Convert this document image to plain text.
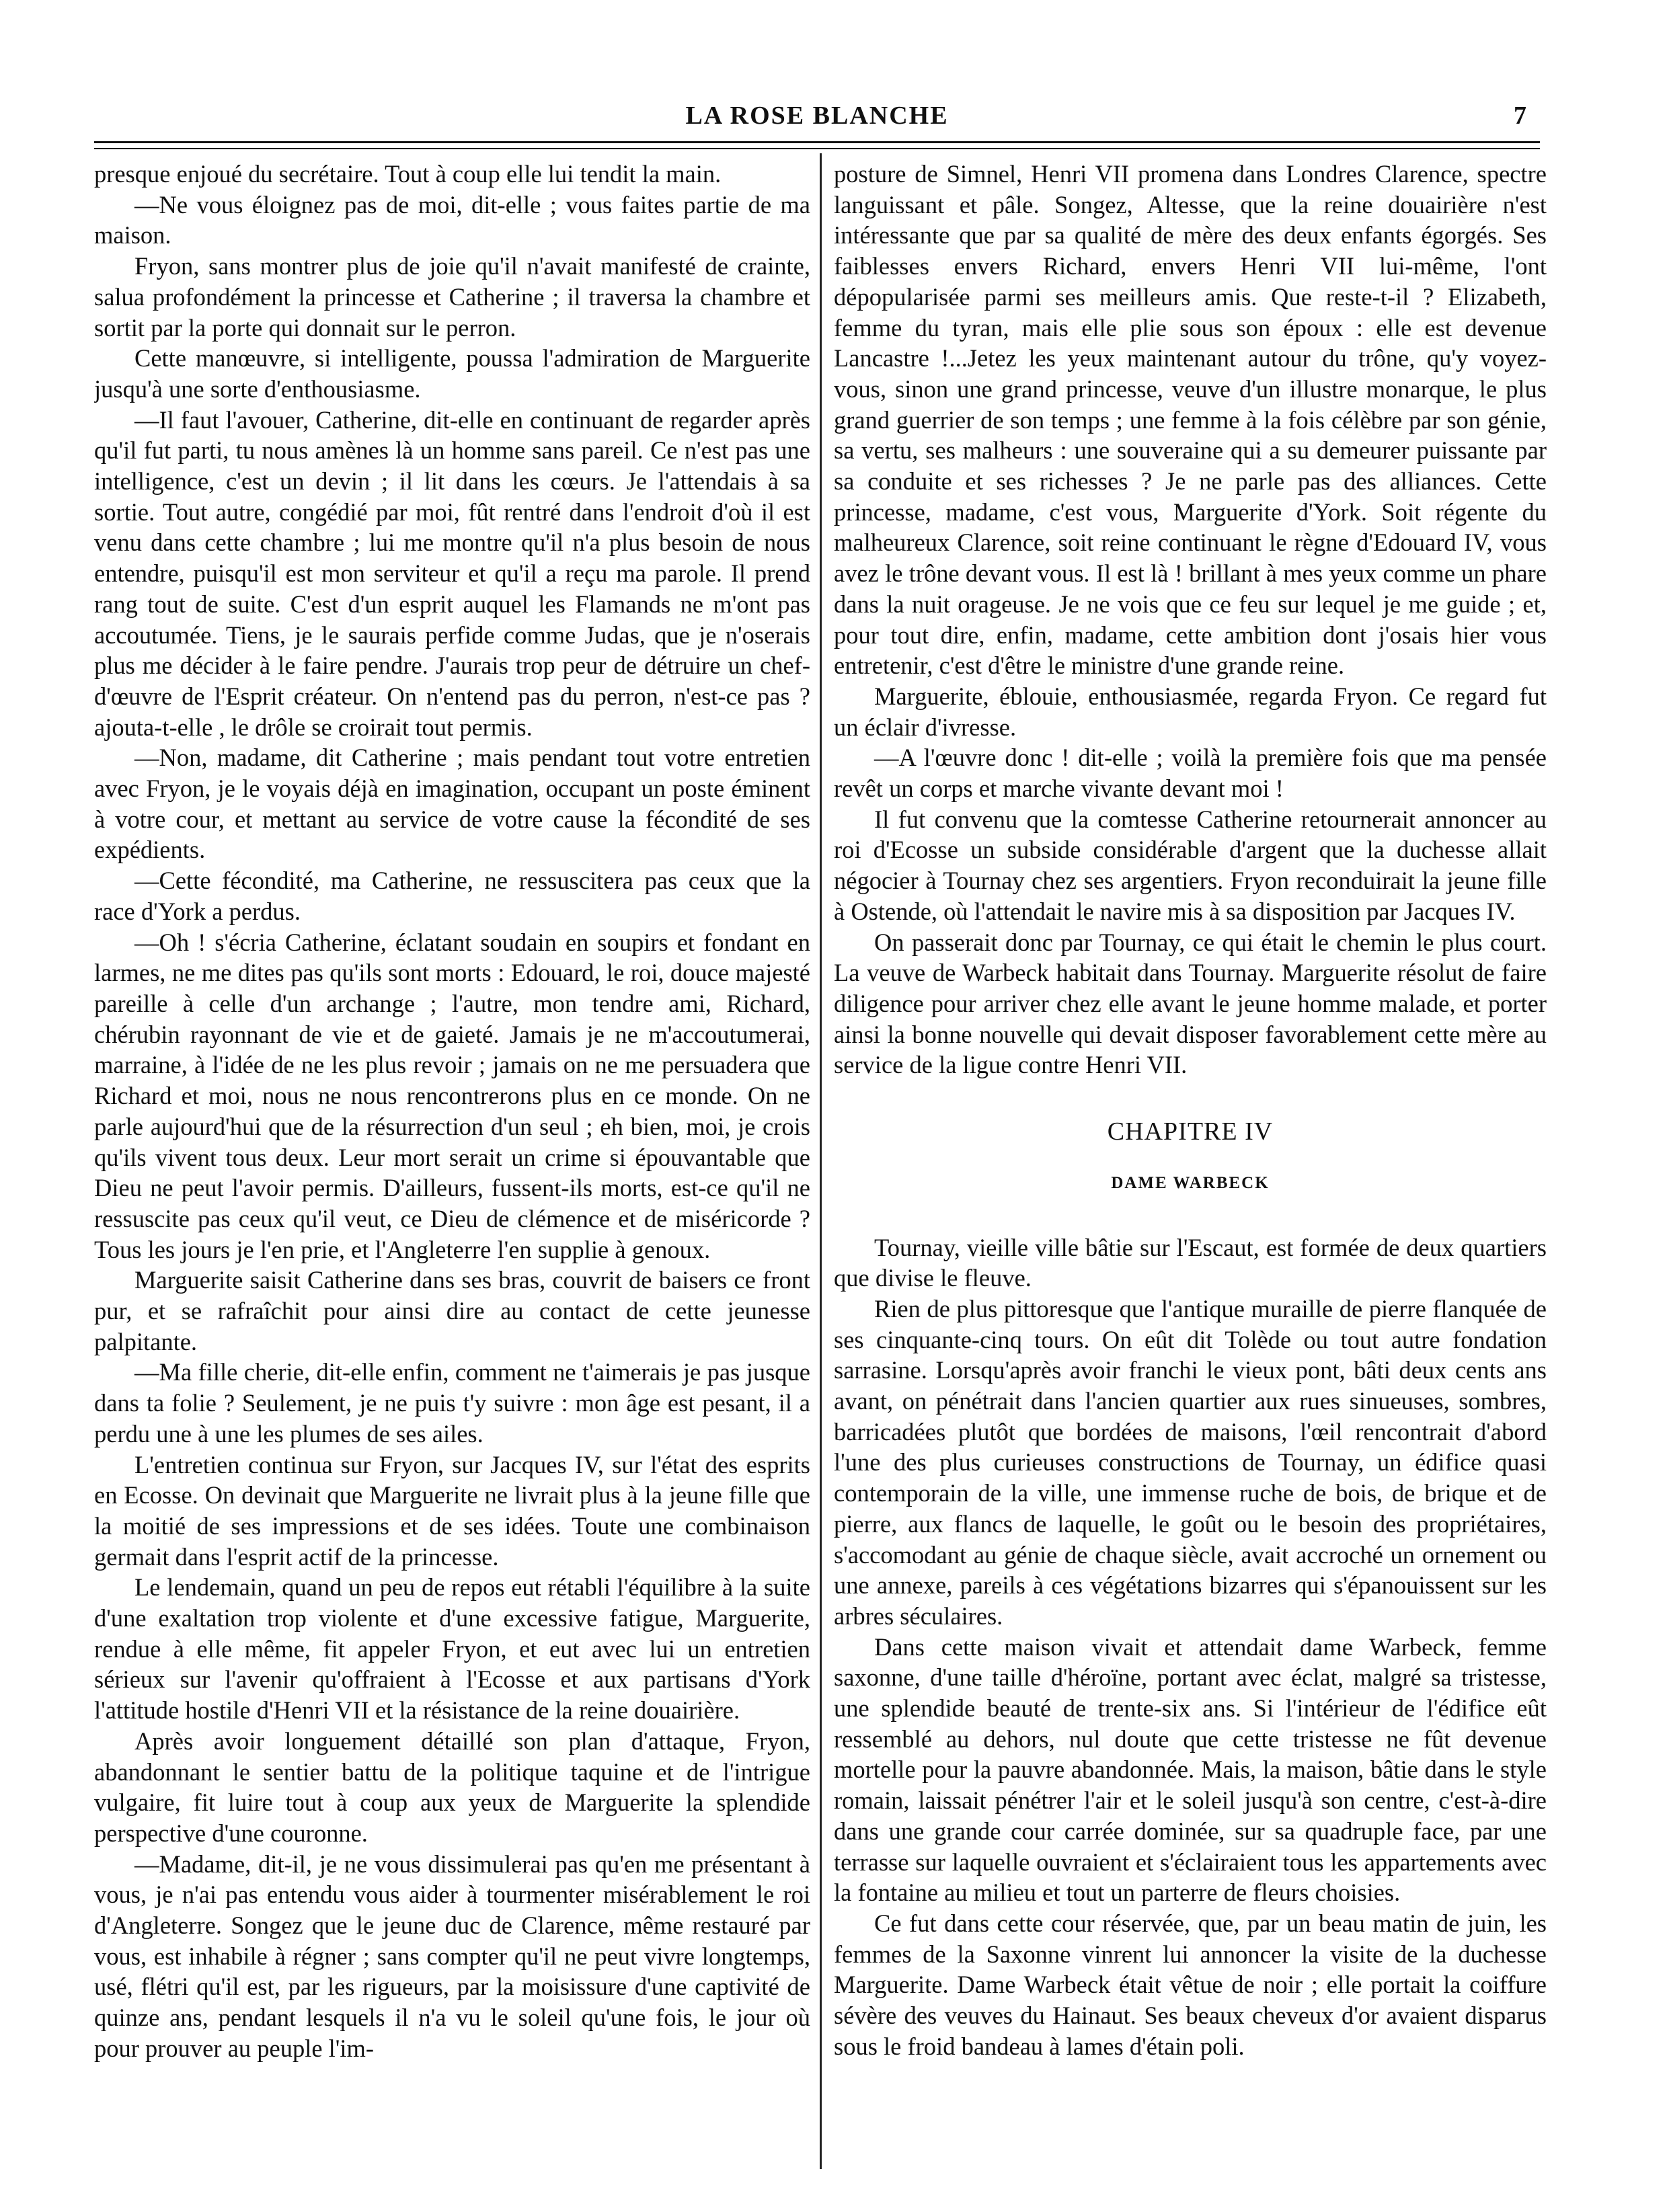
LA ROSE BLANCHE	7

presque enjoué du secrétaire. Tout à coup elle lui tendit la main.

—Ne vous éloignez pas de moi, dit-elle ; vous faites partie de ma maison.

Fryon, sans montrer plus de joie qu'il n'avait manifesté de crainte, salua profondément la princesse et Catherine ; il traversa la chambre et sortit par la porte qui donnait sur le perron.

Cette manœuvre, si intelligente, poussa l'admiration de Marguerite jusqu'à une sorte d'enthousiasme.

—Il faut l'avouer, Catherine, dit-elle en continuant de regarder après qu'il fut parti, tu nous amènes là un homme sans pareil. Ce n'est pas une intelligence, c'est un devin ; il lit dans les cœurs. Je l'attendais à sa sortie. Tout autre, congédié par moi, fût rentré dans l'endroit d'où il est venu dans cette chambre ; lui me montre qu'il n'a plus besoin de nous entendre, puisqu'il est mon serviteur et qu'il a reçu ma parole. Il prend rang tout de suite. C'est d'un esprit auquel les Flamands ne m'ont pas accoutumée. Tiens, je le saurais perfide comme Judas, que je n'oserais plus me décider à le faire pendre. J'aurais trop peur de détruire un chef-d'œuvre de l'Esprit créateur. On n'entend pas du perron, n'est-ce pas ? ajouta-t-elle , le drôle se croirait tout permis.

—Non, madame, dit Catherine ; mais pendant tout votre entretien avec Fryon, je le voyais déjà en imagination, occupant un poste éminent à votre cour, et mettant au service de votre cause la fécondité de ses expédients.

—Cette fécondité, ma Catherine, ne ressuscitera pas ceux que la race d'York a perdus.

—Oh ! s'écria Catherine, éclatant soudain en soupirs et fondant en larmes, ne me dites pas qu'ils sont morts : Edouard, le roi, douce majesté pareille à celle d'un archange ; l'autre, mon tendre ami, Richard, chérubin rayonnant de vie et de gaieté. Jamais je ne m'accoutumerai, marraine, à l'idée de ne les plus revoir ; jamais on ne me persuadera que Richard et moi, nous ne nous rencontrerons plus en ce monde. On ne parle aujourd'hui que de la résurrection d'un seul ; eh bien, moi, je crois qu'ils vivent tous deux. Leur mort serait un crime si épouvantable que Dieu ne peut l'avoir permis. D'ailleurs, fussent-ils morts, est-ce qu'il ne ressuscite pas ceux qu'il veut, ce Dieu de clémence et de miséricorde ? Tous les jours je l'en prie, et l'Angleterre l'en supplie à genoux.

Marguerite saisit Catherine dans ses bras, couvrit de baisers ce front pur, et se rafraîchit pour ainsi dire au contact de cette jeunesse palpitante.

—Ma fille cherie, dit-elle enfin, comment ne t'aimerais je pas jusque dans ta folie ? Seulement, je ne puis t'y suivre : mon âge est pesant, il a perdu une à une les plumes de ses ailes.

L'entretien continua sur Fryon, sur Jacques IV, sur l'état des esprits en Ecosse. On devinait que Marguerite ne livrait plus à la jeune fille que la moitié de ses impressions et de ses idées. Toute une combinaison germait dans l'esprit actif de la princesse.

Le lendemain, quand un peu de repos eut rétabli l'équilibre à la suite d'une exaltation trop violente et d'une excessive fatigue, Marguerite, rendue à elle même, fit appeler Fryon, et eut avec lui un entretien sérieux sur l'avenir qu'offraient à l'Ecosse et aux partisans d'York l'attitude hostile d'Henri VII et la résistance de la reine douairière.

Après avoir longuement détaillé son plan d'attaque, Fryon, abandonnant le sentier battu de la politique taquine et de l'intrigue vulgaire, fit luire tout à coup aux yeux de Marguerite la splendide perspective d'une couronne.

—Madame, dit-il, je ne vous dissimulerai pas qu'en me présentant à vous, je n'ai pas entendu vous aider à tourmenter misérablement le roi d'Angleterre. Songez que le jeune duc de Clarence, même restauré par vous, est inhabile à régner ; sans compter qu'il ne peut vivre longtemps, usé, flétri qu'il est, par les rigueurs, par la moisissure d'une captivité de quinze ans, pendant lesquels il n'a vu le soleil qu'une fois, le jour où pour prouver au peuple l'im-

posture de Simnel, Henri VII promena dans Londres Clarence, spectre languissant et pâle. Songez, Altesse, que la reine douairière n'est intéressante que par sa qualité de mère des deux enfants égorgés. Ses faiblesses envers Richard, envers Henri VII lui-même, l'ont dépopularisée parmi ses meilleurs amis. Que reste-t-il ? Elizabeth, femme du tyran, mais elle plie sous son époux : elle est devenue Lancastre !...Jetez les yeux maintenant autour du trône, qu'y voyez-vous, sinon une grand princesse, veuve d'un illustre monarque, le plus grand guerrier de son temps ; une femme à la fois célèbre par son génie, sa vertu, ses malheurs : une souveraine qui a su demeurer puissante par sa conduite et ses richesses ? Je ne parle pas des alliances. Cette princesse, madame, c'est vous, Marguerite d'York. Soit régente du malheureux Clarence, soit reine continuant le règne d'Edouard IV, vous avez le trône devant vous. Il est là ! brillant à mes yeux comme un phare dans la nuit orageuse. Je ne vois que ce feu sur lequel je me guide ; et, pour tout dire, enfin, madame, cette ambition dont j'osais hier vous entretenir, c'est d'être le ministre d'une grande reine.

Marguerite, éblouie, enthousiasmée, regarda Fryon. Ce regard fut un éclair d'ivresse.

—A l'œuvre donc ! dit-elle ; voilà la première fois que ma pensée revêt un corps et marche vivante devant moi !

Il fut convenu que la comtesse Catherine retournerait annoncer au roi d'Ecosse un subside considérable d'argent que la duchesse allait négocier à Tournay chez ses argentiers. Fryon reconduirait la jeune fille à Ostende, où l'attendait le navire mis à sa disposition par Jacques IV.

On passerait donc par Tournay, ce qui était le chemin le plus court. La veuve de Warbeck habitait dans Tournay. Marguerite résolut de faire diligence pour arriver chez elle avant le jeune homme malade, et porter ainsi la bonne nouvelle qui devait disposer favorablement cette mère au service de la ligue contre Henri VII.

CHAPITRE IV
DAME WARBECK

Tournay, vieille ville bâtie sur l'Escaut, est formée de deux quartiers que divise le fleuve.

Rien de plus pittoresque que l'antique muraille de pierre flanquée de ses cinquante-cinq tours. On eût dit Tolède ou tout autre fondation sarrasine. Lorsqu'après avoir franchi le vieux pont, bâti deux cents ans avant, on pénétrait dans l'ancien quartier aux rues sinueuses, sombres, barricadées plutôt que bordées de maisons, l'œil rencontrait d'abord l'une des plus curieuses constructions de Tournay, un édifice quasi contemporain de la ville, une immense ruche de bois, de brique et de pierre, aux flancs de laquelle, le goût ou le besoin des propriétaires, s'accomodant au génie de chaque siècle, avait accroché un ornement ou une annexe, pareils à ces végétations bizarres qui s'épanouissent sur les arbres séculaires.

Dans cette maison vivait et attendait dame Warbeck, femme saxonne, d'une taille d'héroïne, portant avec éclat, malgré sa tristesse, une splendide beauté de trente-six ans. Si l'intérieur de l'édifice eût ressemblé au dehors, nul doute que cette tristesse ne fût devenue mortelle pour la pauvre abandonnée. Mais, la maison, bâtie dans le style romain, laissait pénétrer l'air et le soleil jusqu'à son centre, c'est-à-dire dans une grande cour carrée dominée, sur sa quadruple face, par une terrasse sur laquelle ouvraient et s'éclairaient tous les appartements avec la fontaine au milieu et tout un parterre de fleurs choisies.

Ce fut dans cette cour réservée, que, par un beau matin de juin, les femmes de la Saxonne vinrent lui annoncer la visite de la duchesse Marguerite. Dame Warbeck était vêtue de noir ; elle portait la coiffure sévère des veuves du Hainaut. Ses beaux cheveux d'or avaient disparus sous le froid bandeau à lames d'étain poli.
